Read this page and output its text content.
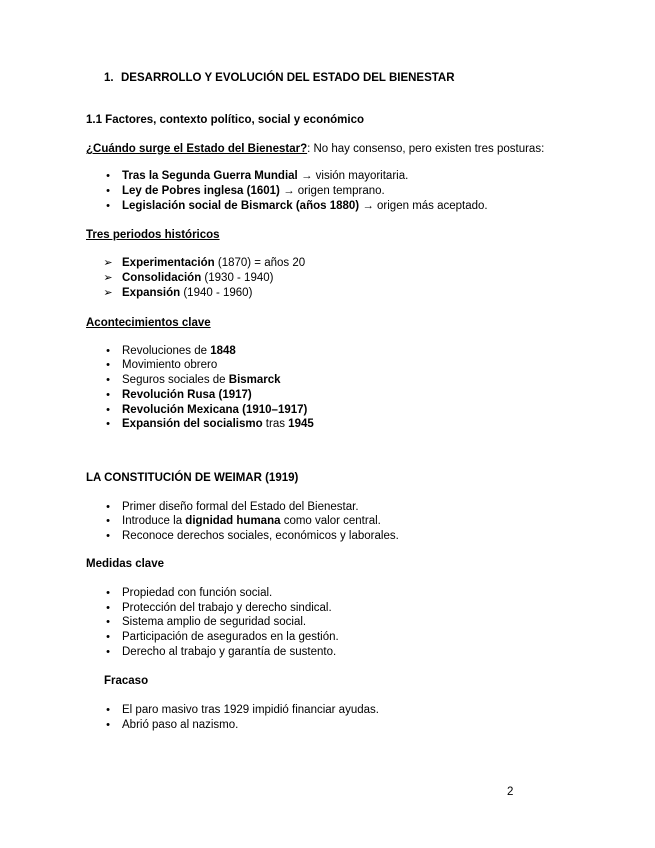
1. DESARROLLO Y EVOLUCIÓN DEL ESTADO DEL BIENESTAR
1.1 Factores, contexto político, social y económico
¿Cuándo surge el Estado del Bienestar?: No hay consenso, pero existen tres posturas:
• Tras la Segunda Guerra Mundial → visión mayoritaria.
• Ley de Pobres inglesa (1601) → origen temprano.
• Legislación social de Bismarck (años 1880) → origen más aceptado.
Tres periodos históricos
➢ Experimentación (1870) = años 20
➢ Consolidación (1930 - 1940)
➢ Expansión (1940 - 1960)
Acontecimientos clave
• Revoluciones de 1848
• Movimiento obrero
• Seguros sociales de Bismarck
• Revolución Rusa (1917)
• Revolución Mexicana (1910–1917)
• Expansión del socialismo tras 1945
LA CONSTITUCIÓN DE WEIMAR (1919)
• Primer diseño formal del Estado del Bienestar.
• Introduce la dignidad humana como valor central.
• Reconoce derechos sociales, económicos y laborales.
Medidas clave
• Propiedad con función social.
• Protección del trabajo y derecho sindical.
• Sistema amplio de seguridad social.
• Participación de asegurados en la gestión.
• Derecho al trabajo y garantía de sustento.
Fracaso
• El paro masivo tras 1929 impidió financiar ayudas.
• Abrió paso al nazismo.
2
